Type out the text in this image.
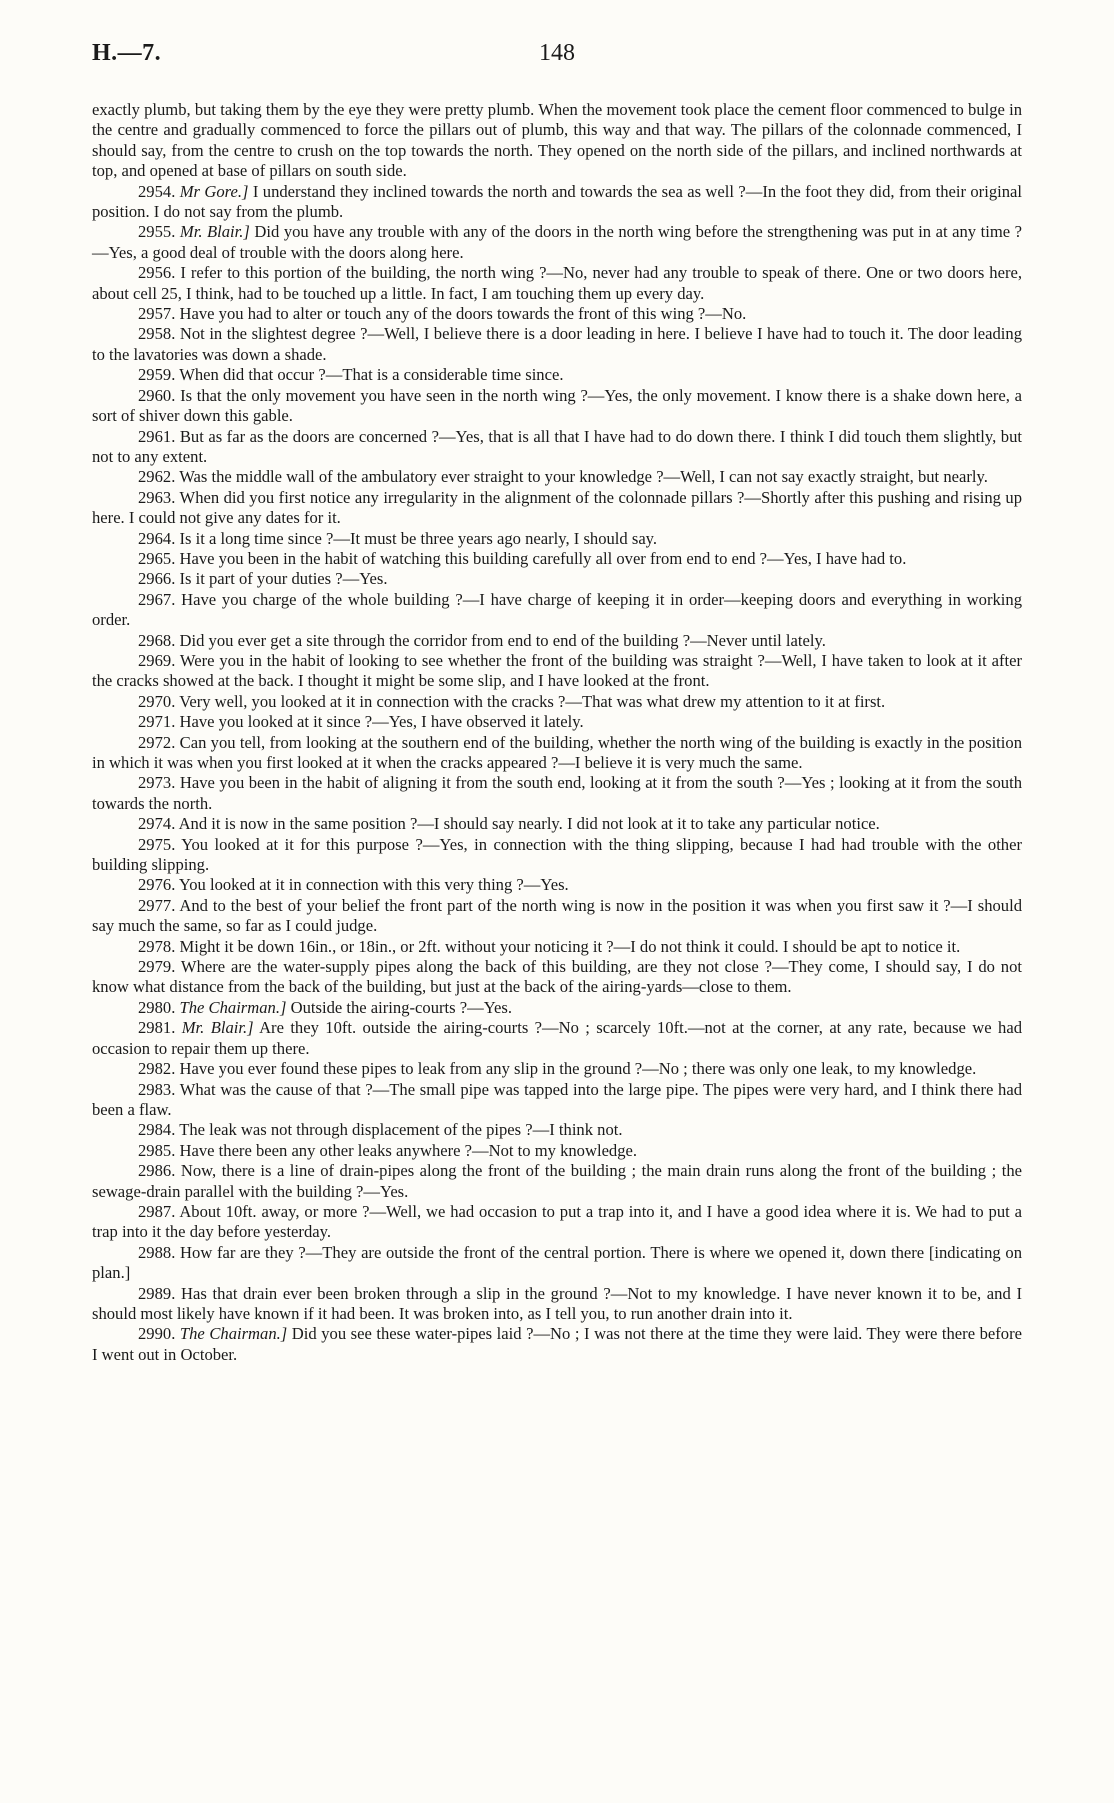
H.—7.	148

exactly plumb, but taking them by the eye they were pretty plumb. When the movement took place the cement floor commenced to bulge in the centre and gradually commenced to force the pillars out of plumb, this way and that way. The pillars of the colonnade commenced, I should say, from the centre to crush on the top towards the north. They opened on the north side of the pillars, and inclined northwards at top, and opened at base of pillars on south side.

2954. Mr Gore.] I understand they inclined towards the north and towards the sea as well ?—In the foot they did, from their original position. I do not say from the plumb.

2955. Mr. Blair.] Did you have any trouble with any of the doors in the north wing before the strengthening was put in at any time ?—Yes, a good deal of trouble with the doors along here.

2956. I refer to this portion of the building, the north wing ?—No, never had any trouble to speak of there. One or two doors here, about cell 25, I think, had to be touched up a little. In fact, I am touching them up every day.

2957. Have you had to alter or touch any of the doors towards the front of this wing ?—No.

2958. Not in the slightest degree ?—Well, I believe there is a door leading in here. I believe I have had to touch it. The door leading to the lavatories was down a shade.

2959. When did that occur ?—That is a considerable time since.

2960. Is that the only movement you have seen in the north wing ?—Yes, the only movement. I know there is a shake down here, a sort of shiver down this gable.

2961. But as far as the doors are concerned ?—Yes, that is all that I have had to do down there. I think I did touch them slightly, but not to any extent.

2962. Was the middle wall of the ambulatory ever straight to your knowledge ?—Well, I can not say exactly straight, but nearly.

2963. When did you first notice any irregularity in the alignment of the colonnade pillars ?—Shortly after this pushing and rising up here. I could not give any dates for it.

2964. Is it a long time since ?—It must be three years ago nearly, I should say.

2965. Have you been in the habit of watching this building carefully all over from end to end ?—Yes, I have had to.

2966. Is it part of your duties ?—Yes.

2967. Have you charge of the whole building ?—I have charge of keeping it in order—keeping doors and everything in working order.

2968. Did you ever get a site through the corridor from end to end of the building ?—Never until lately.

2969. Were you in the habit of looking to see whether the front of the building was straight ?—Well, I have taken to look at it after the cracks showed at the back. I thought it might be some slip, and I have looked at the front.

2970. Very well, you looked at it in connection with the cracks ?—That was what drew my attention to it at first.

2971. Have you looked at it since ?—Yes, I have observed it lately.

2972. Can you tell, from looking at the southern end of the building, whether the north wing of the building is exactly in the position in which it was when you first looked at it when the cracks appeared ?—I believe it is very much the same.

2973. Have you been in the habit of aligning it from the south end, looking at it from the south ?—Yes ; looking at it from the south towards the north.

2974. And it is now in the same position ?—I should say nearly. I did not look at it to take any particular notice.

2975. You looked at it for this purpose ?—Yes, in connection with the thing slipping, because I had had trouble with the other building slipping.

2976. You looked at it in connection with this very thing ?—Yes.

2977. And to the best of your belief the front part of the north wing is now in the position it was when you first saw it ?—I should say much the same, so far as I could judge.

2978. Might it be down 16in., or 18in., or 2ft. without your noticing it ?—I do not think it could. I should be apt to notice it.

2979. Where are the water-supply pipes along the back of this building, are they not close ?—They come, I should say, I do not know what distance from the back of the building, but just at the back of the airing-yards—close to them.

2980. The Chairman.] Outside the airing-courts ?—Yes.

2981. Mr. Blair.] Are they 10ft. outside the airing-courts ?—No ; scarcely 10ft.—not at the corner, at any rate, because we had occasion to repair them up there.

2982. Have you ever found these pipes to leak from any slip in the ground ?—No ; there was only one leak, to my knowledge.

2983. What was the cause of that ?—The small pipe was tapped into the large pipe. The pipes were very hard, and I think there had been a flaw.

2984. The leak was not through displacement of the pipes ?—I think not.

2985. Have there been any other leaks anywhere ?—Not to my knowledge.

2986. Now, there is a line of drain-pipes along the front of the building ; the main drain runs along the front of the building ; the sewage-drain parallel with the building ?—Yes.

2987. About 10ft. away, or more ?—Well, we had occasion to put a trap into it, and I have a good idea where it is. We had to put a trap into it the day before yesterday.

2988. How far are they ?—They are outside the front of the central portion. There is where we opened it, down there [indicating on plan.]

2989. Has that drain ever been broken through a slip in the ground ?—Not to my knowledge. I have never known it to be, and I should most likely have known if it had been. It was broken into, as I tell you, to run another drain into it.

2990. The Chairman.] Did you see these water-pipes laid ?—No ; I was not there at the time they were laid. They were there before I went out in October.
